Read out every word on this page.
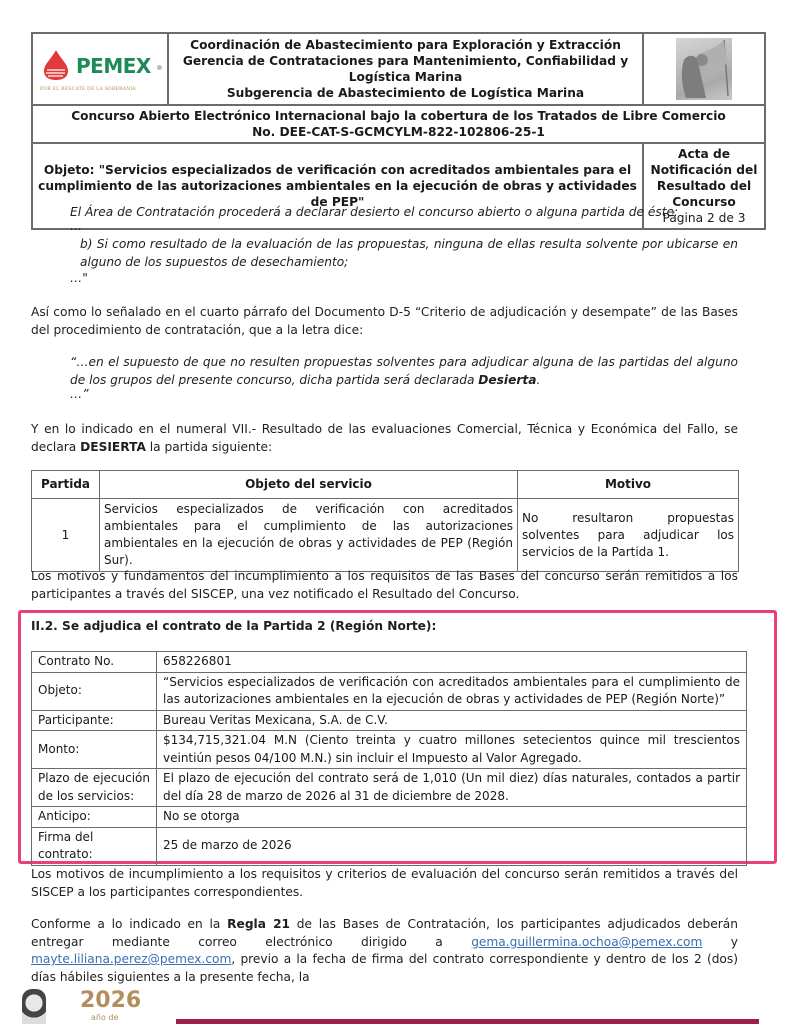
PEMEX
POR EL RESCATE DE LA SOBERANÍA

Coordinación de Abastecimiento para Exploración y Extracción
Gerencia de Contrataciones para Mantenimiento, Confiabilidad y Logística Marina
Subgerencia de Abastecimiento de Logística Marina

Concurso Abierto Electrónico Internacional bajo la cobertura de los Tratados de Libre Comercio
No. DEE-CAT-S-GCMCYLM-822-102806-25-1		

Objeto: "Servicios especializados de verificación con acreditados ambientales para el cumplimiento de las autorizaciones ambientales en la ejecución de obras y actividades de PEP"		Acta de Notificación del
Resultado del Concurso
Página 2 de 3
El Área de Contratación procederá a declarar desierto el concurso abierto o alguna partida de éste:
…
b) Si como resultado de la evaluación de las propuestas, ninguna de ellas resulta solvente por ubicarse en alguno de los supuestos de desechamiento;
…"
Así como lo señalado en el cuarto párrafo del Documento D-5 “Criterio de adjudicación y desempate” de las Bases del procedimiento de contratación, que a la letra dice:
“…en el supuesto de que no resulten propuestas solventes para adjudicar alguna de las partidas del alguno de los grupos del presente concurso, dicha partida será declarada Desierta.
…”
Y en lo indicado en el numeral VII.- Resultado de las evaluaciones Comercial, Técnica y Económica del Fallo, se declara DESIERTA la partida siguiente:
Partida	Objeto del servicio	Motivo
1	Servicios especializados de verificación con acreditados ambientales para el cumplimiento de las autorizaciones ambientales en la ejecución de obras y actividades de PEP (Región Sur).	No resultaron propuestas solventes para adjudicar los servicios de la Partida 1.
Los motivos y fundamentos del incumplimiento a los requisitos de las Bases del concurso serán remitidos a los participantes a través del SISCEP, una vez notificado el Resultado del Concurso.
II.2. Se adjudica el contrato de la Partida 2 (Región Norte):
Contrato No.	658226801
Objeto:	“Servicios especializados de verificación con acreditados ambientales para el cumplimiento de las autorizaciones ambientales en la ejecución de obras y actividades de PEP (Región Norte)”
Participante:	Bureau Veritas Mexicana, S.A. de C.V.
Monto:	$134,715,321.04 M.N (Ciento treinta y cuatro millones setecientos quince mil trescientos veintiún pesos 04/100 M.N.) sin incluir el Impuesto al Valor Agregado.
Plazo de ejecución de los servicios:	El plazo de ejecución del contrato será de 1,010 (Un mil diez) días naturales, contados a partir del día 28 de marzo de 2026 al 31 de diciembre de 2028.
Anticipo:	No se otorga
Firma del contrato:	25 de marzo de 2026
Los motivos de incumplimiento a los requisitos y criterios de evaluación del concurso serán remitidos a través del SISCEP a los participantes correspondientes.
Conforme a lo indicado en la Regla 21 de las Bases de Contratación, los participantes adjudicados deberán entregar mediante correo electrónico dirigido a gema.guillermina.ochoa@pemex.com y mayte.liliana.perez@pemex.com, previo a la fecha de firma del contrato correspondiente y dentro de los 2 (dos) días hábiles siguientes a la presente fecha, la
2026
año de
